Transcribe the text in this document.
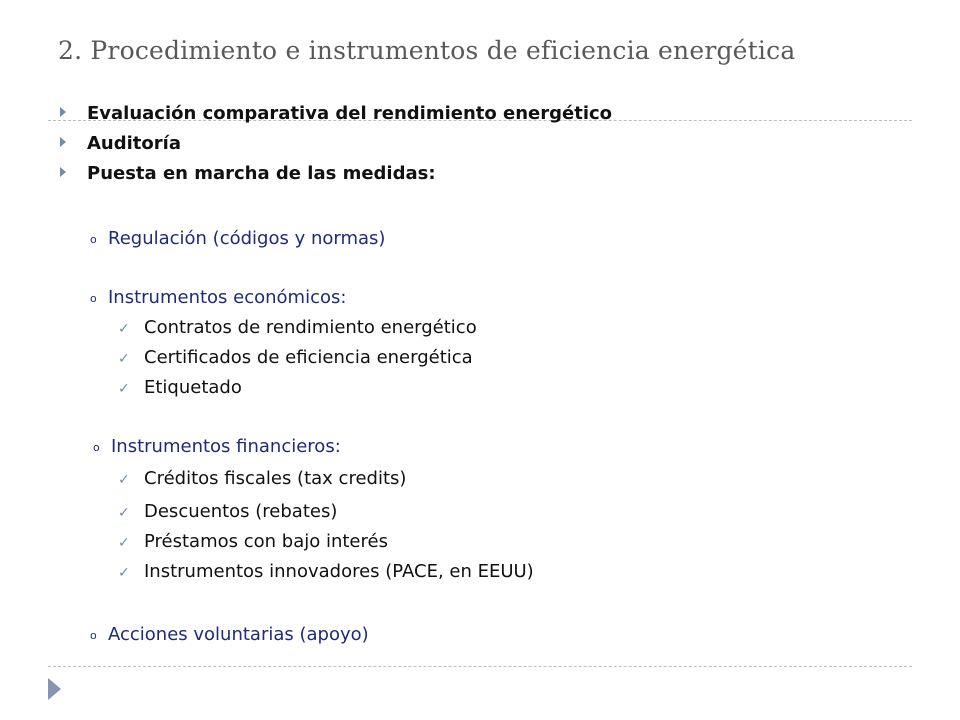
2. Procedimiento e instrumentos de eficiencia energética
Evaluación comparativa del rendimiento energético
Auditoría
Puesta en marcha de las medidas:
o Regulación (códigos y normas)
o Instrumentos económicos:
✓ Contratos de rendimiento energético
✓ Certificados de eficiencia energética
✓ Etiquetado
o Instrumentos financieros:
✓ Créditos fiscales (tax credits)
✓ Descuentos (rebates)
✓ Préstamos con bajo interés
✓ Instrumentos innovadores (PACE, en EEUU)
o Acciones voluntarias (apoyo)
